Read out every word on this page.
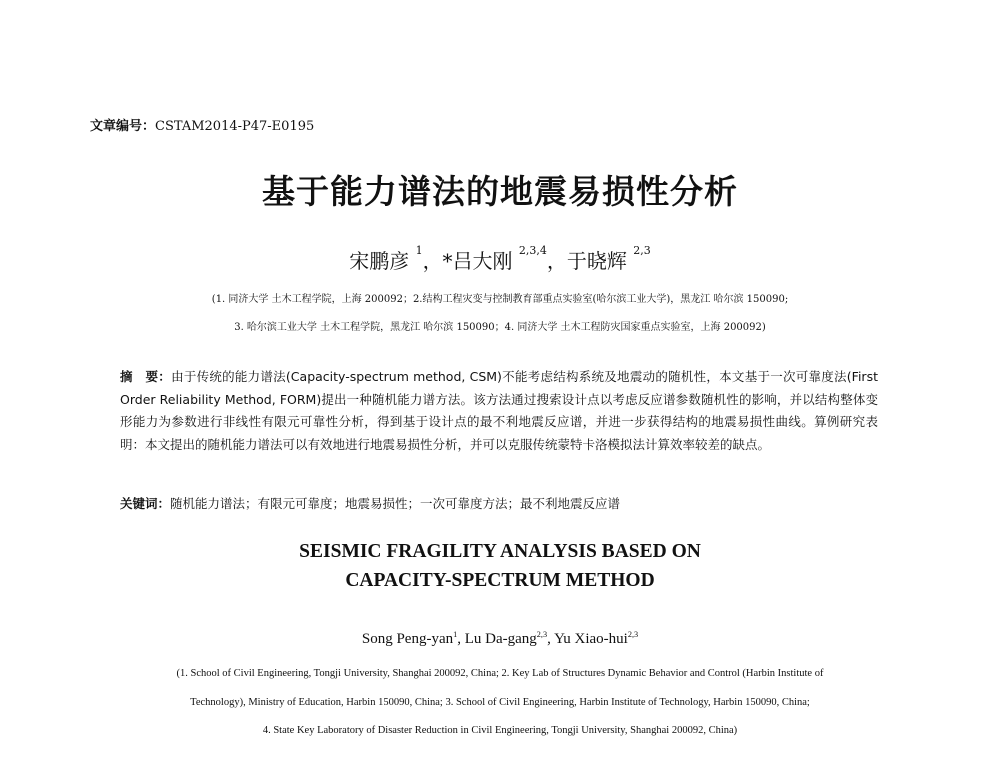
文章编号：CSTAM2014-P47-E0195
基于能力谱法的地震易损性分析
宋鹏彦 $^1$，*吕大刚 $^{2,3,4}$，于晓辉 $^{2,3}$
(1. 同济大学 土木工程学院，上海 200092；2.结构工程灾变与控制教育部重点实验室(哈尔滨工业大学)，黑龙江 哈尔滨 150090;
3. 哈尔滨工业大学 土木工程学院，黑龙江 哈尔滨 150090；4. 同济大学 土木工程防灾国家重点实验室，上海 200092)
摘　要：由于传统的能力谱法(Capacity-spectrum method, CSM)不能考虑结构系统及地震动的随机性，本文基于一次可靠度法(First Order Reliability Method, FORM)提出一种随机能力谱方法。该方法通过搜索设计点以考虑反应谱参数随机性的影响，并以结构整体变形能力为参数进行非线性有限元可靠性分析，得到基于设计点的最不利地震反应谱，并进一步获得结构的地震易损性曲线。算例研究表明：本文提出的随机能力谱法可以有效地进行地震易损性分析，并可以克服传统蒙特卡洛模拟法计算效率较差的缺点。
关键词：随机能力谱法；有限元可靠度；地震易损性；一次可靠度方法；最不利地震反应谱
SEISMIC FRAGILITY ANALYSIS BASED ON
CAPACITY-SPECTRUM METHOD
Song Peng-yan$^1$, Lu Da-gang$^{2,3}$, Yu Xiao-hui$^{2,3}$
(1. School of Civil Engineering, Tongji University, Shanghai 200092, China; 2. Key Lab of Structures Dynamic Behavior and Control (Harbin Institute of
Technology), Ministry of Education, Harbin 150090, China; 3. School of Civil Engineering, Harbin Institute of Technology, Harbin 150090, China;
4. State Key Laboratory of Disaster Reduction in Civil Engineering, Tongji University, Shanghai 200092, China)
